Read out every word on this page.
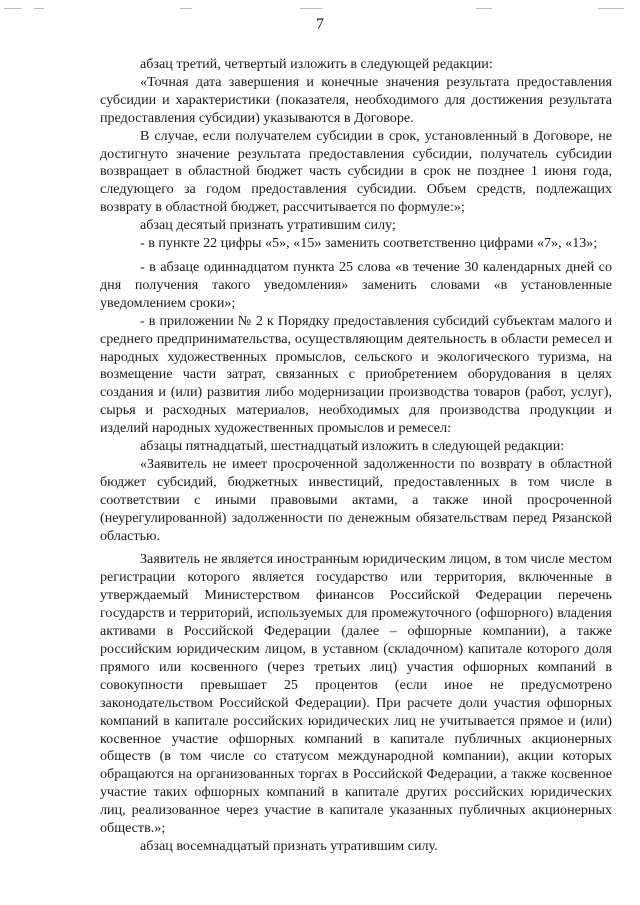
7

абзац третий, четвертый изложить в следующей редакции:

«Точная дата завершения и конечные значения результата предоставления субсидии и характеристики (показателя, необходимого для достижения результата предоставления субсидии) указываются в Договоре.

В случае, если получателем субсидии в срок, установленный в Договоре, не достигнуто значение результата предоставления субсидии, получатель субсидии возвращает в областной бюджет часть субсидии в срок не позднее 1 июня года, следующего за годом предоставления субсидии. Объем средств, подлежащих возврату в областной бюджет, рассчитывается по формуле:»;

абзац десятый признать утратившим силу;

- в пункте 22 цифры «5», «15» заменить соответственно цифрами «7», «13»;

- в абзаце одиннадцатом пункта 25 слова «в течение 30 календарных дней со дня получения такого уведомления» заменить словами «в установленные уведомлением сроки»;

- в приложении № 2 к Порядку предоставления субсидий субъектам малого и среднего предпринимательства, осуществляющим деятельность в области ремесел и народных художественных промыслов, сельского и экологического туризма, на возмещение части затрат, связанных с приобретением оборудования в целях создания и (или) развития либо модернизации производства товаров (работ, услуг), сырья и расходных материалов, необходимых для производства продукции и изделий народных художественных промыслов и ремесел:

абзацы пятнадцатый, шестнадцатый изложить в следующей редакции:

«Заявитель не имеет просроченной задолженности по возврату в областной бюджет субсидий, бюджетных инвестиций, предоставленных в том числе в соответствии с иными правовыми актами, а также иной просроченной (неурегулированной) задолженности по денежным обязательствам перед Рязанской областью.

Заявитель не является иностранным юридическим лицом, в том числе местом регистрации которого является государство или территория, включенные в утверждаемый Министерством финансов Российской Федерации перечень государств и территорий, используемых для промежуточного (офшорного) владения активами в Российской Федерации (далее – офшорные компании), а также российским юридическим лицом, в уставном (складочном) капитале которого доля прямого или косвенного (через третьих лиц) участия офшорных компаний в совокупности превышает 25 процентов (если иное не предусмотрено законодательством Российской Федерации). При расчете доли участия офшорных компаний в капитале российских юридических лиц не учитывается прямое и (или) косвенное участие офшорных компаний в капитале публичных акционерных обществ (в том числе со статусом международной компании), акции которых обращаются на организованных торгах в Российской Федерации, а также косвенное участие таких офшорных компаний в капитале других российских юридических лиц, реализованное через участие в капитале указанных публичных акционерных обществ.»;

абзац восемнадцатый признать утратившим силу.
